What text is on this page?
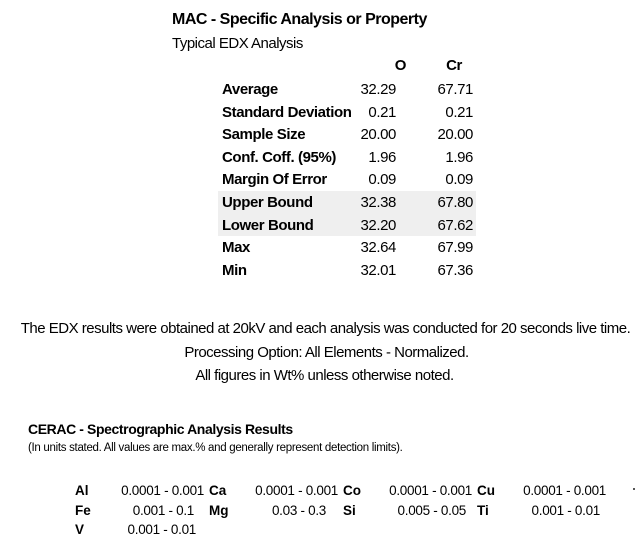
MAC - Specific Analysis or Property
Typical EDX Analysis
O	Cr
Average	32.29	67.71
Standard Deviation	0.21	0.21
Sample Size	20.00	20.00
Conf. Coff. (95%)	1.96	1.96
Margin Of Error	0.09	0.09
Upper Bound	32.38	67.80
Lower Bound	32.20	67.62
Max	32.64	67.99
Min	32.01	67.36
The EDX results were obtained at 20kV and each analysis was conducted for 20 seconds live time.
Processing Option: All Elements - Normalized.
All figures in Wt% unless otherwise noted.
CERAC - Spectrographic Analysis Results
(In units stated. All values are max.% and generally represent detection limits).
Al	0.0001 - 0.001 Ca	0.0001 - 0.001 Co	0.0001 - 0.001 Cu	0.0001 - 0.001
Fe	0.001 - 0.1 Mg	0.03 - 0.3 Si	0.005 - 0.05 Ti	0.001 - 0.01
V	0.001 - 0.01
